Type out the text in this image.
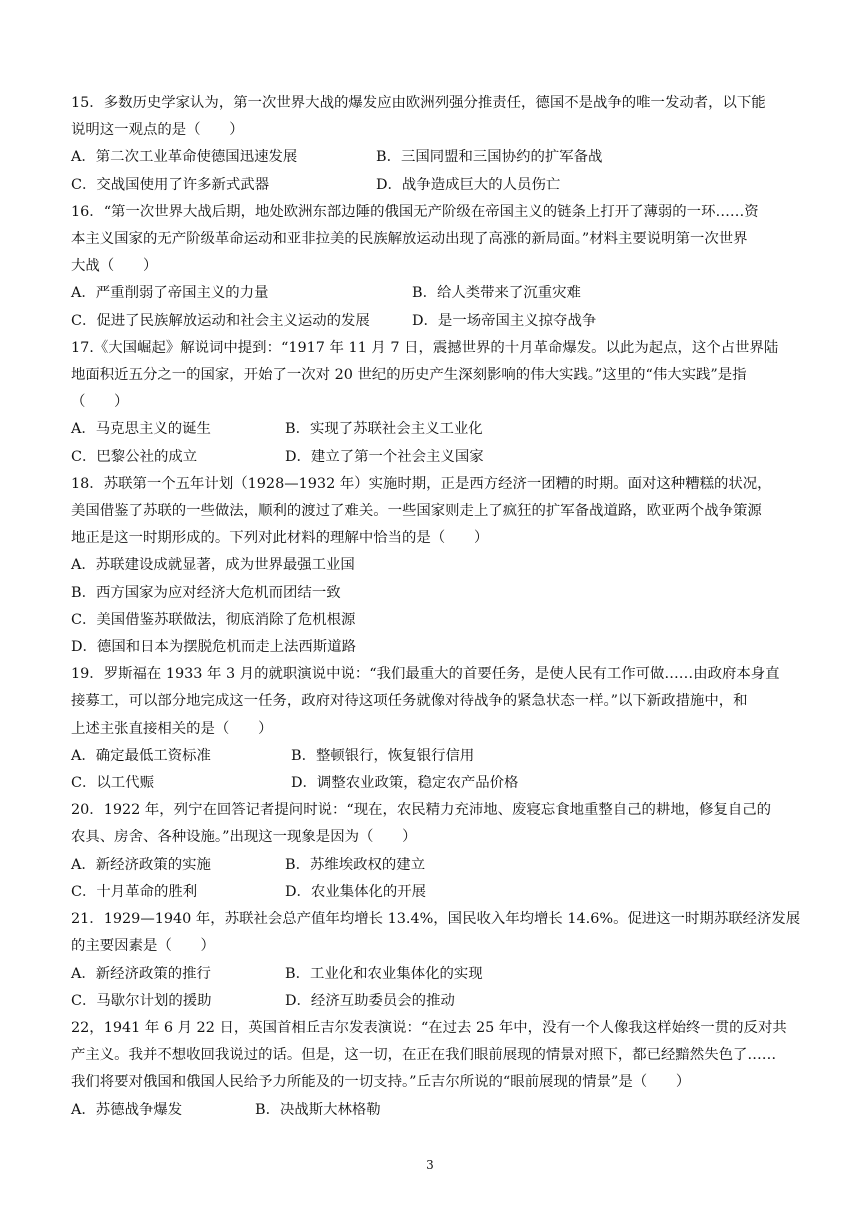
15．多数历史学家认为，第一次世界大战的爆发应由欧洲列强分推责任，德国不是战争的唯一发动者，以下能
说明这一观点的是（　　）
A．第二次工业革命使德国迅速发展	B．三国同盟和三国协约的扩军备战
C．交战国使用了许多新式武器	D．战争造成巨大的人员伤亡
16．“第一次世界大战后期，地处欧洲东部边陲的俄国无产阶级在帝国主义的链条上打开了薄弱的一环……资
本主义国家的无产阶级革命运动和亚非拉美的民族解放运动出现了高涨的新局面。”材料主要说明第一次世界
大战（　　）
A．严重削弱了帝国主义的力量	B．给人类带来了沉重灾难
C．促进了民族解放运动和社会主义运动的发展	D．是一场帝国主义掠夺战争
17.《大国崛起》解说词中提到：“1917 年 11 月 7 日，震撼世界的十月革命爆发。以此为起点，这个占世界陆
地面积近五分之一的国家，开始了一次对 20 世纪的历史产生深刻影响的伟大实践。”这里的“伟大实践”是指
（　　）
A．马克思主义的诞生	B．实现了苏联社会主义工业化
C．巴黎公社的成立	D．建立了第一个社会主义国家
18．苏联第一个五年计划（1928—1932 年）实施时期，正是西方经济一团糟的时期。面对这种糟糕的状况，
美国借鉴了苏联的一些做法，顺利的渡过了难关。一些国家则走上了疯狂的扩军备战道路，欧亚两个战争策源
地正是这一时期形成的。下列对此材料的理解中恰当的是（　　）
A．苏联建设成就显著，成为世界最强工业国
B．西方国家为应对经济大危机而团结一致
C．美国借鉴苏联做法，彻底消除了危机根源
D．德国和日本为摆脱危机而走上法西斯道路
19．罗斯福在 1933 年 3 月的就职演说中说：“我们最重大的首要任务，是使人民有工作可做……由政府本身直
接募工，可以部分地完成这一任务，政府对待这项任务就像对待战争的紧急状态一样。”以下新政措施中，和
上述主张直接相关的是（　　）
A．确定最低工资标准	B．整顿银行，恢复银行信用
C．以工代赈	D．调整农业政策，稳定农产品价格
20．1922 年，列宁在回答记者提问时说：“现在，农民精力充沛地、废寝忘食地重整自己的耕地，修复自己的
农具、房舍、各种设施。”出现这一现象是因为（　　）
A．新经济政策的实施	B．苏维埃政权的建立
C．十月革命的胜利	D．农业集体化的开展
21．1929—1940 年，苏联社会总产值年均增长 13.4%，国民收入年均增长 14.6%。促进这一时期苏联经济发展
的主要因素是（　　）
A．新经济政策的推行	B．工业化和农业集体化的实现
C．马歇尔计划的援助	D．经济互助委员会的推动
22，1941 年 6 月 22 日，英国首相丘吉尔发表演说：“在过去 25 年中，没有一个人像我这样始终一贯的反对共
产主义。我并不想收回我说过的话。但是，这一切，在正在我们眼前展现的情景对照下，都已经黯然失色了……
我们将要对俄国和俄国人民给予力所能及的一切支持。”丘吉尔所说的“眼前展现的情景”是（　　）
A．苏德战争爆发	B．决战斯大林格勒
3
